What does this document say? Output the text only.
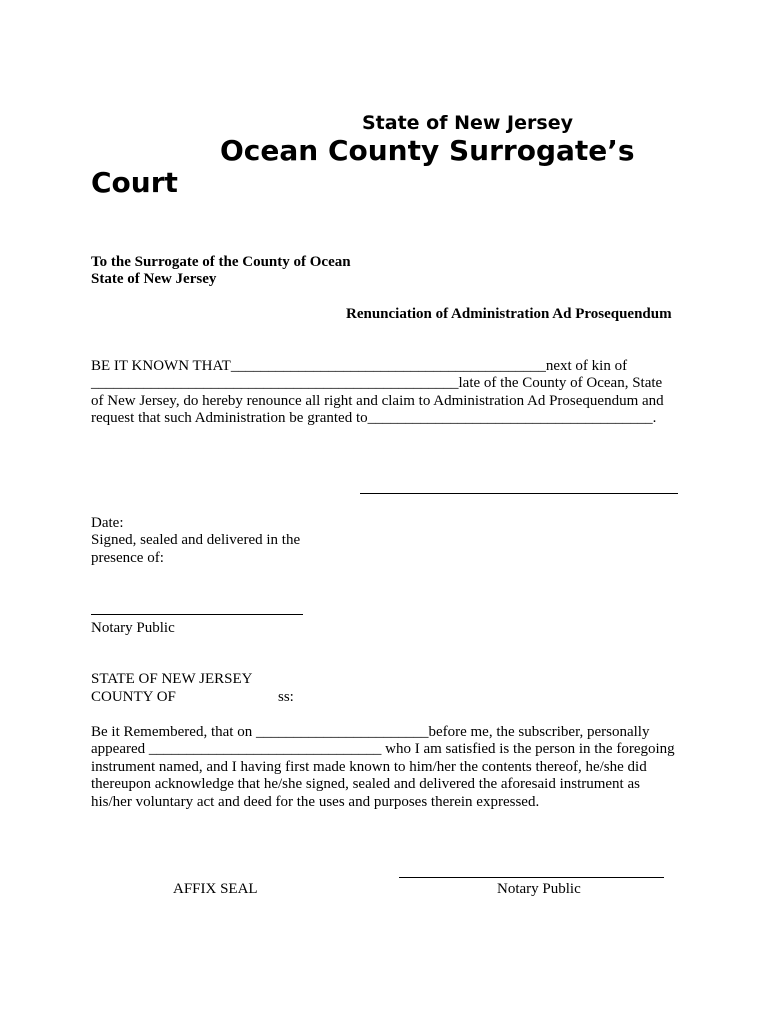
State of New Jersey
Ocean County Surrogate’s
Court
To the Surrogate of the County of Ocean
State of New Jersey
Renunciation of Administration Ad Prosequendum
BE IT KNOWN THAT__________________________________________next of kin of
_________________________________________________late of the County of Ocean, State
of New Jersey, do hereby renounce all right and claim to Administration Ad Prosequendum and
request that such Administration be granted to______________________________________.
Date:
Signed, sealed and delivered in the
presence of:
Notary Public
STATE OF NEW JERSEY
COUNTY OF	ss:
Be it Remembered, that on _______________________before me, the subscriber, personally
appeared _______________________________ who I am satisfied is the person in the foregoing
instrument named, and I having first made known to him/her the contents thereof, he/she did
thereupon acknowledge that he/she signed, sealed and delivered the aforesaid instrument as
his/her voluntary act and deed for the uses and purposes therein expressed.
AFFIX SEAL	Notary Public
